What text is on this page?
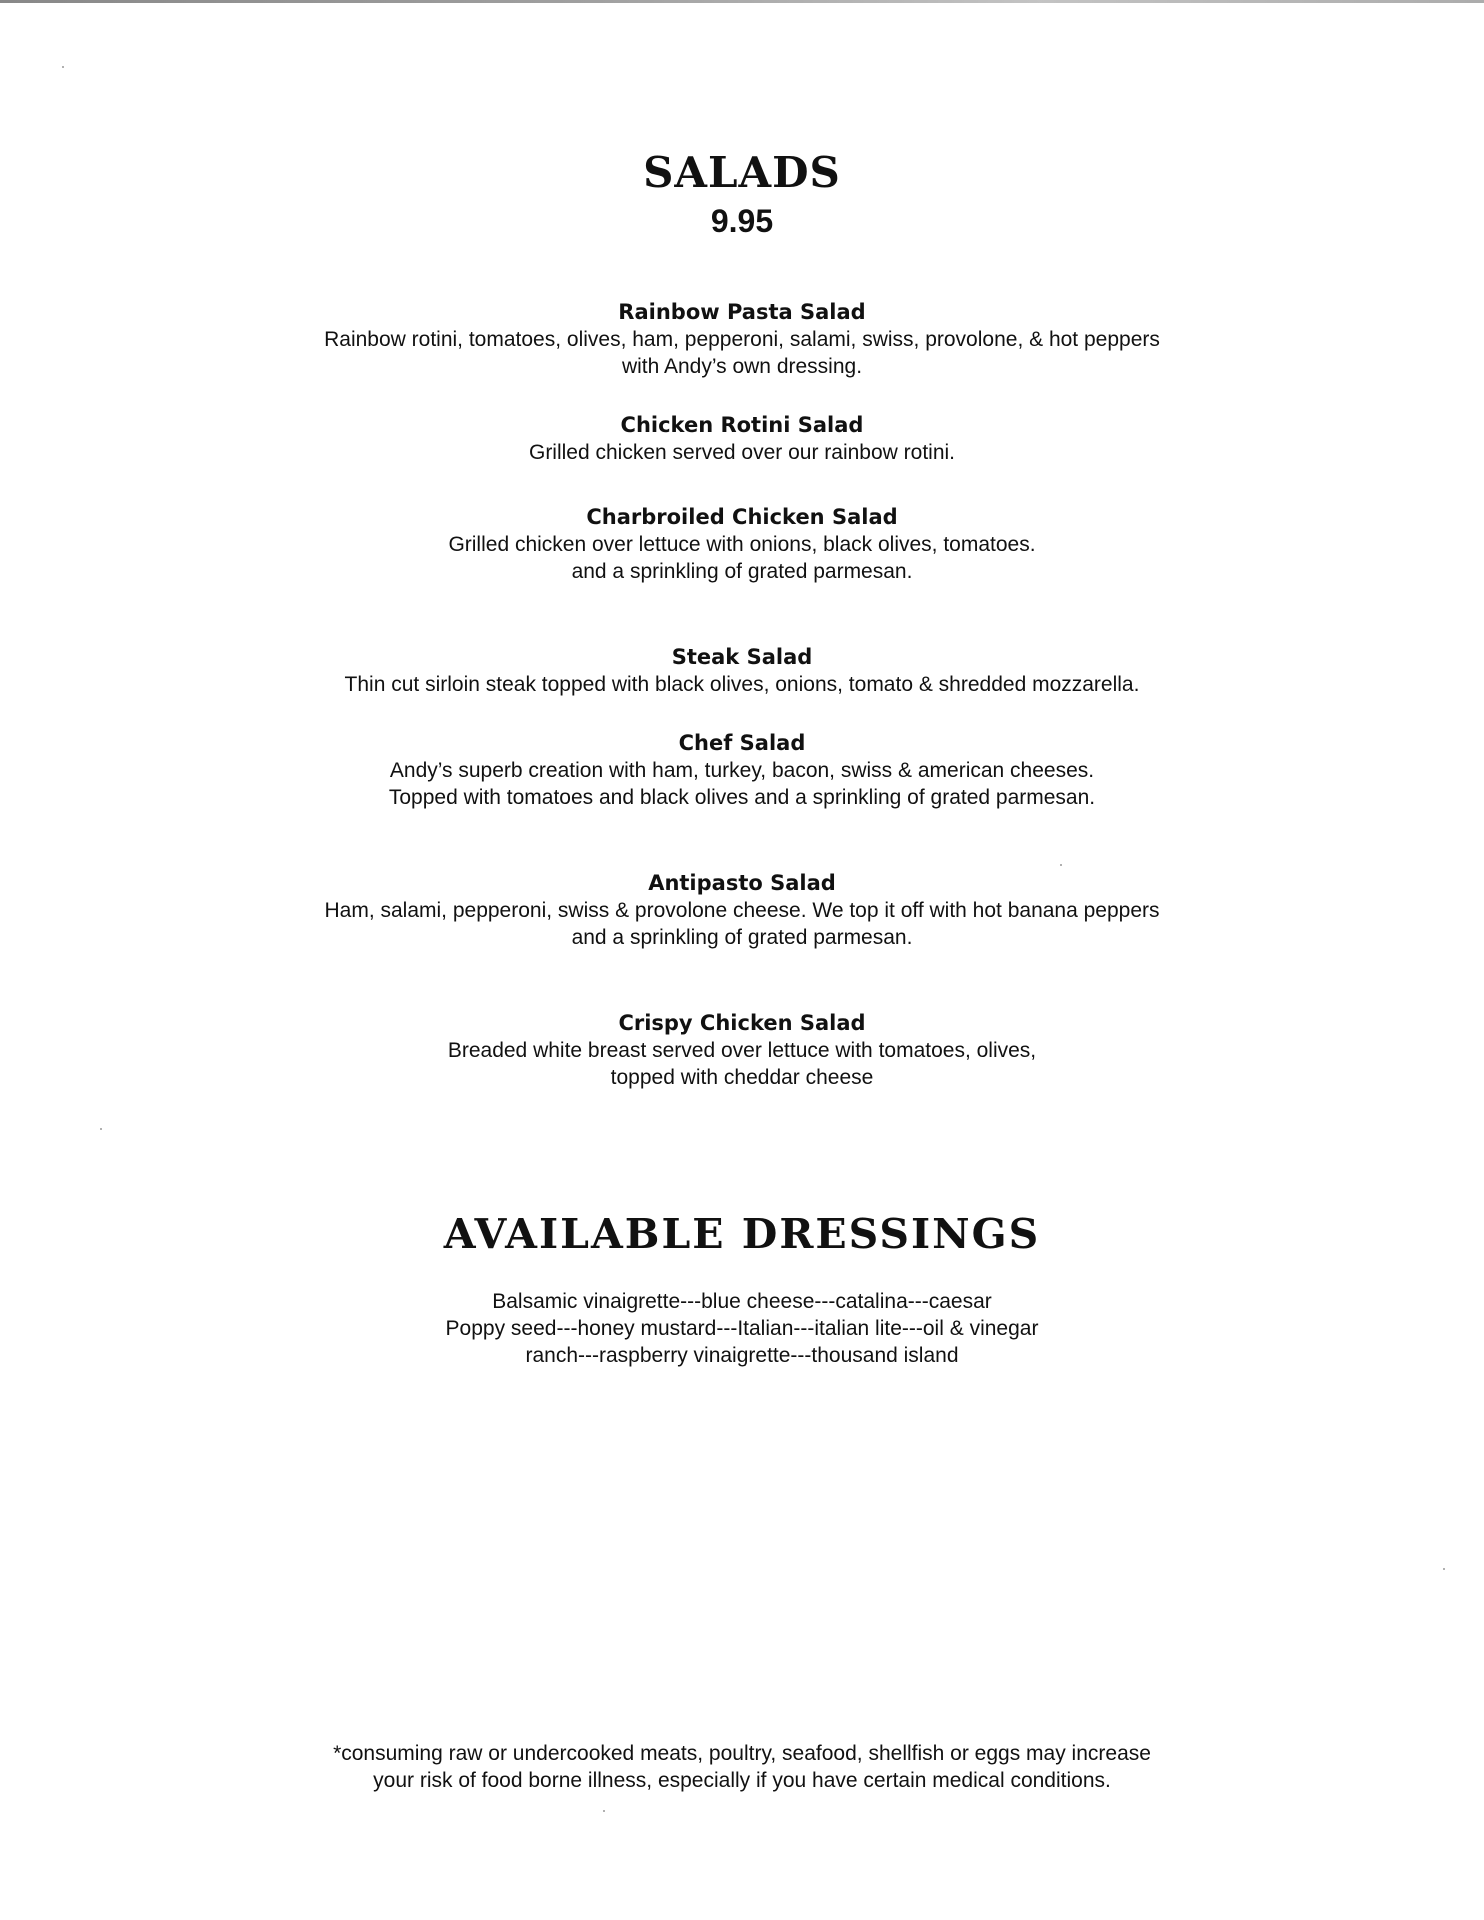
SALADS
9.95
Rainbow Pasta Salad
Rainbow rotini, tomatoes, olives, ham, pepperoni, salami, swiss, provolone, & hot peppers
with Andy’s own dressing.
Chicken Rotini Salad
Grilled chicken served over our rainbow rotini.
Charbroiled Chicken Salad
Grilled chicken over lettuce with onions, black olives, tomatoes.
and a sprinkling of grated parmesan.
Steak Salad
Thin cut sirloin steak topped with black olives, onions, tomato & shredded mozzarella.
Chef Salad
Andy’s superb creation with ham, turkey, bacon, swiss & american cheeses.
Topped with tomatoes and black olives and a sprinkling of grated parmesan.
Antipasto Salad
Ham, salami, pepperoni, swiss & provolone cheese. We top it off with hot banana peppers
and a sprinkling of grated parmesan.
Crispy Chicken Salad
Breaded white breast served over lettuce with tomatoes, olives,
topped with cheddar cheese
AVAILABLE DRESSINGS
Balsamic vinaigrette---blue cheese---catalina---caesar
Poppy seed---honey mustard---Italian---italian lite---oil & vinegar
ranch---raspberry vinaigrette---thousand island
*consuming raw or undercooked meats, poultry, seafood, shellfish or eggs may increase
your risk of food borne illness, especially if you have certain medical conditions.
